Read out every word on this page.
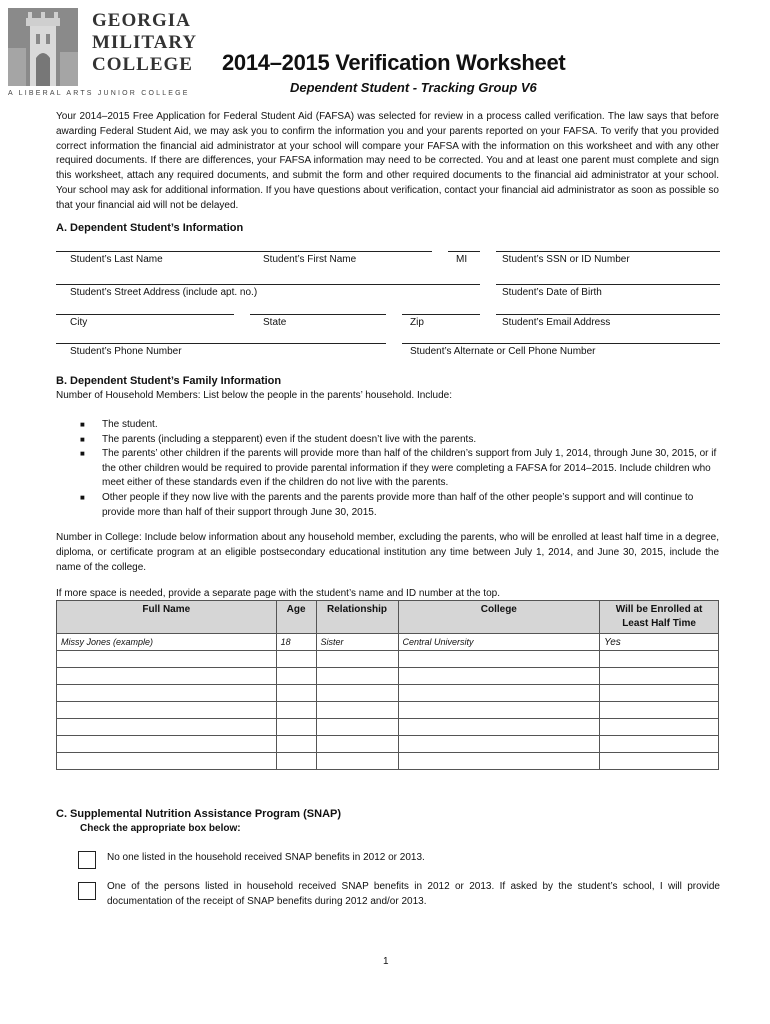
GEORGIA
MILITARY
COLLEGE
A LIBERAL ARTS JUNIOR COLLEGE
2014–2015 Verification Worksheet
Dependent Student - Tracking Group V6
Your 2014–2015 Free Application for Federal Student Aid (FAFSA) was selected for review in a process called verification. The law says that before awarding Federal Student Aid, we may ask you to confirm the information you and your parents reported on your FAFSA. To verify that you provided correct information the financial aid administrator at your school will compare your FAFSA with the information on this worksheet and with any other required documents. If there are differences, your FAFSA information may need to be corrected. You and at least one parent must complete and sign this worksheet, attach any required documents, and submit the form and other required documents to the financial aid administrator at your school. Your school may ask for additional information. If you have questions about verification, contact your financial aid administrator as soon as possible so that your financial aid will not be delayed.
A. Dependent Student’s Information
Student’s Last Name	Student’s First Name	MI	Student’s SSN or ID Number
Student’s Street Address (include apt. no.)	Student’s Date of Birth
City	State	Zip	Student’s Email Address
Student’s Phone Number	Student’s Alternate or Cell Phone Number
B. Dependent Student’s Family Information
Number of Household Members: List below the people in the parents’ household. Include:
■ The student.
■ The parents (including a stepparent) even if the student doesn’t live with the parents.
■ The parents’ other children if the parents will provide more than half of the children’s support from July 1, 2014, through June 30, 2015, or if the other children would be required to provide parental information if they were completing a FAFSA for 2014–2015. Include children who meet either of these standards even if the children do not live with the parents.
■ Other people if they now live with the parents and the parents provide more than half of the other people’s support and will continue to provide more than half of their support through June 30, 2015.
Number in College: Include below information about any household member, excluding the parents, who will be enrolled at least half time in a degree, diploma, or certificate program at an eligible postsecondary educational institution any time between July 1, 2014, and June 30, 2015, include the name of the college.
If more space is needed, provide a separate page with the student’s name and ID number at the top.
Full Name	Age	Relationship	College	Will be Enrolled at Least Half Time
Missy Jones (example)	18	Sister	Central University	Yes

C. Supplemental Nutrition Assistance Program (SNAP)
Check the appropriate box below:
No one listed in the household received SNAP benefits in 2012 or 2013.
One of the persons listed in household received SNAP benefits in 2012 or 2013. If asked by the student’s school, I will provide documentation of the receipt of SNAP benefits during 2012 and/or 2013.
1
